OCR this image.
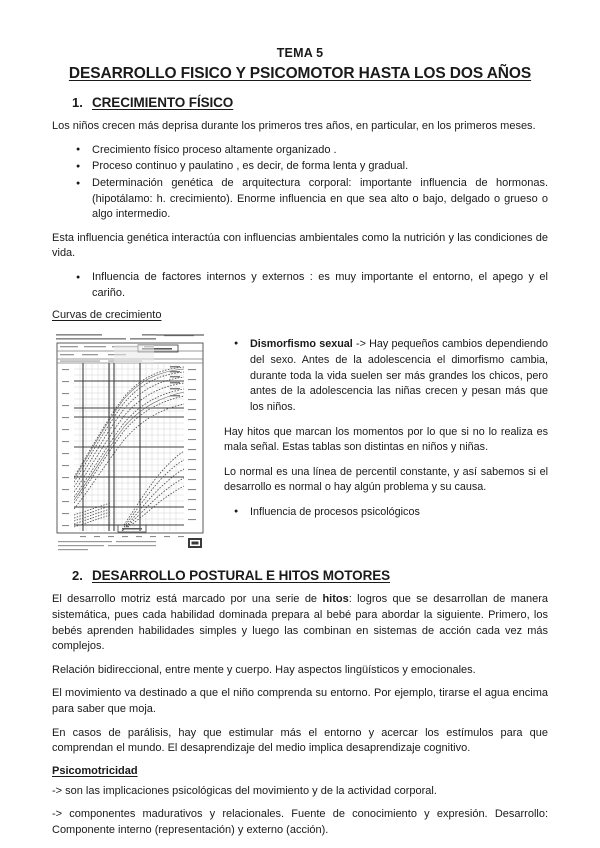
TEMA 5
DESARROLLO FISICO Y PSICOMOTOR HASTA LOS DOS AÑOS
1. CRECIMIENTO FÍSICO

Los niños crecen más deprisa durante los primeros tres años, en particular, en los primeros meses.

● Crecimiento físico proceso altamente organizado .
● Proceso continuo y paulatino , es decir, de forma lenta y gradual.
● Determinación genética de arquitectura corporal: importante influencia de hormonas. (hipotálamo: h. crecimiento). Enorme influencia en que sea alto o bajo, delgado o grueso o algo intermedio.

Esta influencia genética interactúa con influencias ambientales como la nutrición y las condiciones de vida.

● Influencia de factores internos y externos : es muy importante el entorno, el apego y el cariño.
Curvas de crecimiento

● Dismorfismo sexual -> Hay pequeños cambios dependiendo del sexo. Antes de la adolescencia el dimorfismo cambia, durante toda la vida suelen ser más grandes los chicos, pero antes de la adolescencia las niñas crecen y pesan más que los niños.

Hay hitos que marcan los momentos por lo que si no lo realiza es mala señal. Estas tablas son distintas en niños y niñas.

Lo normal es una línea de percentil constante, y así sabemos si el desarrollo es normal o hay algún problema y su causa.

● Influencia de procesos psicológicos

2. DESARROLLO POSTURAL E HITOS MOTORES

El desarrollo motriz está marcado por una serie de hitos: logros que se desarrollan de manera sistemática, pues cada habilidad dominada prepara al bebé para abordar la siguiente. Primero, los bebés aprenden habilidades simples y luego las combinan en sistemas de acción cada vez más complejos.

Relación bidireccional, entre mente y cuerpo. Hay aspectos lingüísticos y emocionales.

El movimiento va destinado a que el niño comprenda su entorno. Por ejemplo, tirarse el agua encima para saber que moja.

En casos de parálisis, hay que estimular más el entorno y acercar los estímulos para que comprendan el mundo. El desaprendizaje del medio implica desaprendizaje cognitivo.

Psicomotricidad

-> son las implicaciones psicológicas del movimiento y de la actividad corporal.

-> componentes madurativos y relacionales. Fuente de conocimiento y expresión. Desarrollo: Componente interno (representación) y externo (acción).
